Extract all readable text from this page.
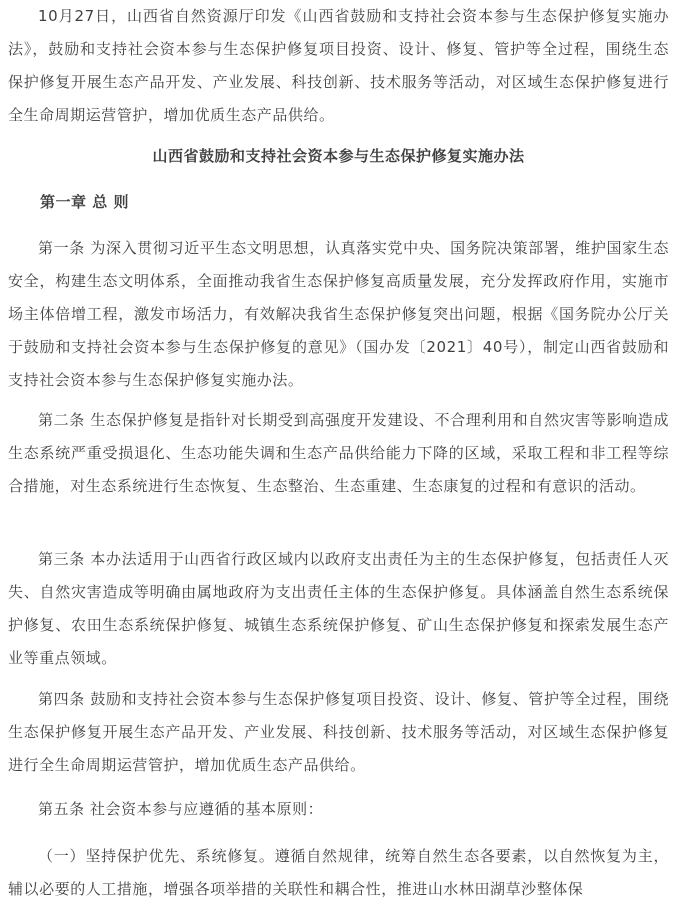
10月27日，山西省自然资源厅印发《山西省鼓励和支持社会资本参与生态保护修复实施办法》，鼓励和支持社会资本参与生态保护修复项目投资、设计、修复、管护等全过程，围绕生态保护修复开展生态产品开发、产业发展、科技创新、技术服务等活动，对区域生态保护修复进行全生命周期运营管护，增加优质生态产品供给。

山西省鼓励和支持社会资本参与生态保护修复实施办法
第一章 总 则

第一条 为深入贯彻习近平生态文明思想，认真落实党中央、国务院决策部署，维护国家生态安全，构建生态文明体系，全面推动我省生态保护修复高质量发展，充分发挥政府作用，实施市场主体倍增工程，激发市场活力，有效解决我省生态保护修复突出问题，根据《国务院办公厅关于鼓励和支持社会资本参与生态保护修复的意见》（国办发〔2021〕40号），制定山西省鼓励和支持社会资本参与生态保护修复实施办法。

第二条 生态保护修复是指针对长期受到高强度开发建设、不合理利用和自然灾害等影响造成生态系统严重受损退化、生态功能失调和生态产品供给能力下降的区域，采取工程和非工程等综合措施，对生态系统进行生态恢复、生态整治、生态重建、生态康复的过程和有意识的活动。

第三条 本办法适用于山西省行政区域内以政府支出责任为主的生态保护修复，包括责任人灭失、自然灾害造成等明确由属地政府为支出责任主体的生态保护修复。具体涵盖自然生态系统保护修复、农田生态系统保护修复、城镇生态系统保护修复、矿山生态保护修复和探索发展生态产业等重点领域。

第四条 鼓励和支持社会资本参与生态保护修复项目投资、设计、修复、管护等全过程，围绕生态保护修复开展生态产品开发、产业发展、科技创新、技术服务等活动，对区域生态保护修复进行全生命周期运营管护，增加优质生态产品供给。

第五条 社会资本参与应遵循的基本原则：

（一）坚持保护优先、系统修复。遵循自然规律，统筹自然生态各要素，以自然恢复为主，辅以必要的人工措施，增强各项举措的关联性和耦合性，推进山水林田湖草沙整体保
